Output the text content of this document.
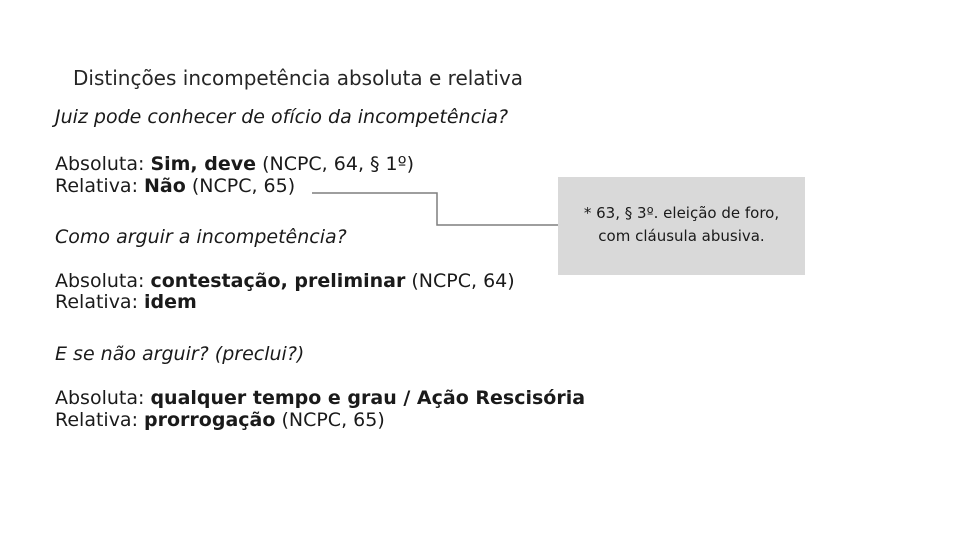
Distinções incompetência absoluta e relativa
Juiz pode conhecer de ofício da incompetência?
Absoluta: Sim, deve (NCPC, 64, § 1º)
Relativa: Não (NCPC, 65)
Como arguir a incompetência?
Absoluta: contestação, preliminar (NCPC, 64)
Relativa: idem
E se não arguir? (preclui?)
Absoluta: qualquer tempo e grau / Ação Rescisória
Relativa: prorrogação (NCPC, 65)
* 63, § 3º. eleição de foro,
com cláusula abusiva.
